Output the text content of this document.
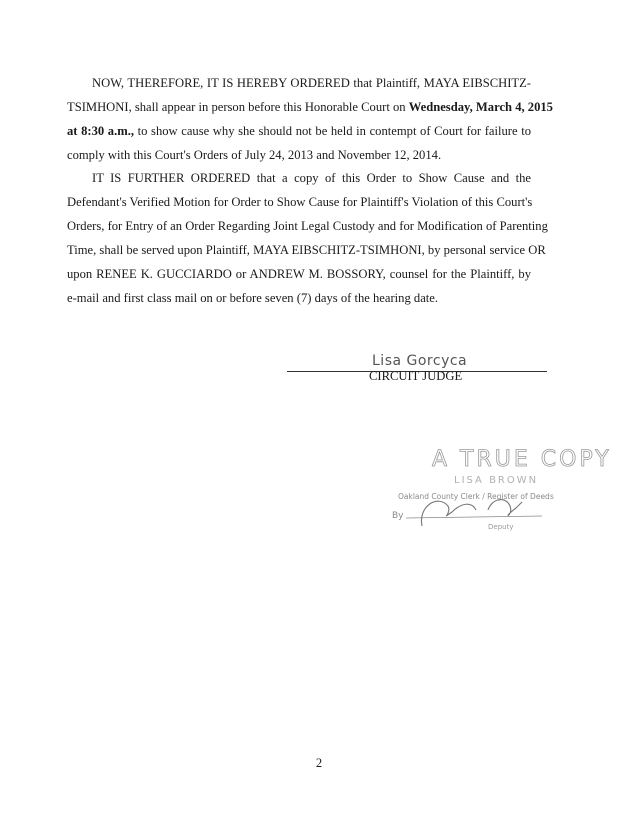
NOW, THEREFORE, IT IS HEREBY ORDERED that Plaintiff, MAYA EIBSCHITZ-
TSIMHONI, shall appear in person before this Honorable Court on Wednesday, March 4, 2015
at 8:30 a.m., to show cause why she should not be held in contempt of Court for failure to
comply with this Court's Orders of July 24, 2013 and November 12, 2014.
IT IS FURTHER ORDERED that a copy of this Order to Show Cause and the
Defendant's Verified Motion for Order to Show Cause for Plaintiff's Violation of this Court's
Orders, for Entry of an Order Regarding Joint Legal Custody and for Modification of Parenting
Time, shall be served upon Plaintiff, MAYA EIBSCHITZ-TSIMHONI, by personal service OR
upon RENEE K. GUCCIARDO or ANDREW M. BOSSORY, counsel for the Plaintiff, by
e-mail and first class mail on or before seven (7) days of the hearing date.
Lisa Gorcyca
CIRCUIT JUDGE
A TRUE COPY
LISA BROWN
Oakland County Clerk / Register of Deeds
By
Deputy
2
